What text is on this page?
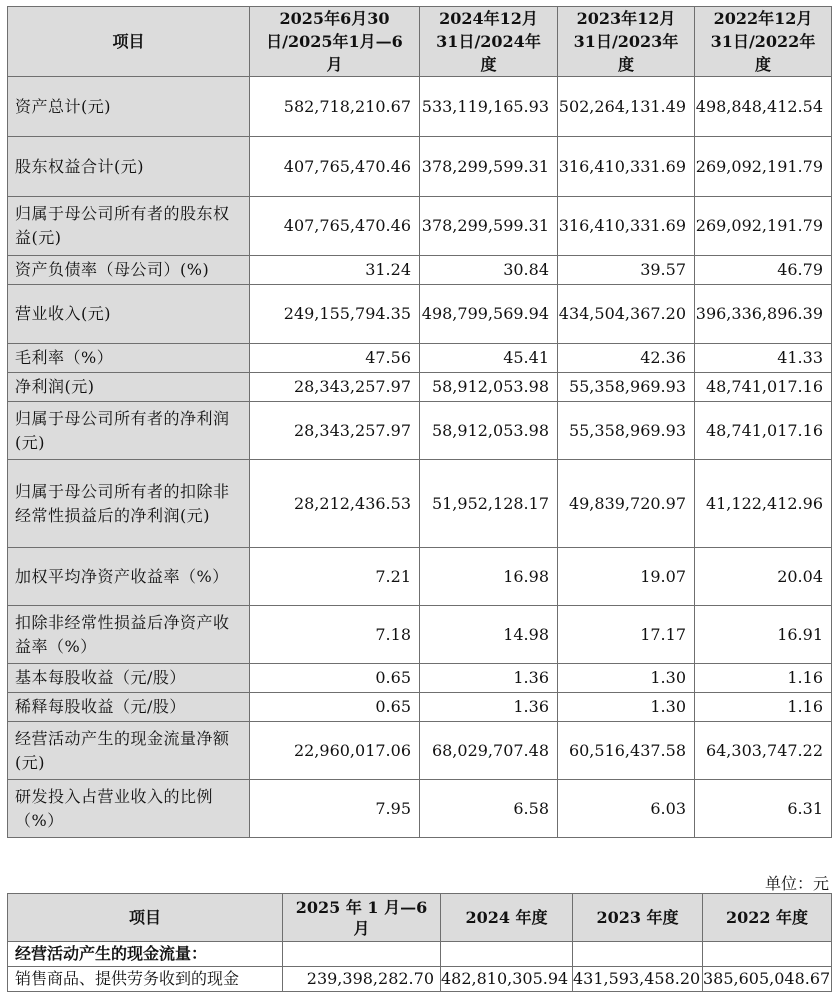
项目	2025年6月30日/2025年1月—6月	2024年12月31日/2024年度	2023年12月31日/2023年度	2022年12月31日/2022年度

资产总计(元)	582,718,210.67	533,119,165.93	502,264,131.49	498,848,412.54
股东权益合计(元)	407,765,470.46	378,299,599.31	316,410,331.69	269,092,191.79
归属于母公司所有者的股东权益(元)	407,765,470.46	378,299,599.31	316,410,331.69	269,092,191.79
资产负债率（母公司）(%)	31.24	30.84	39.57	46.79
营业收入(元)	249,155,794.35	498,799,569.94	434,504,367.20	396,336,896.39
毛利率（%）	47.56	45.41	42.36	41.33
净利润(元)	28,343,257.97	58,912,053.98	55,358,969.93	48,741,017.16
归属于母公司所有者的净利润(元)	28,343,257.97	58,912,053.98	55,358,969.93	48,741,017.16
归属于母公司所有者的扣除非经常性损益后的净利润(元)	28,212,436.53	51,952,128.17	49,839,720.97	41,122,412.96
加权平均净资产收益率（%）	7.21	16.98	19.07	20.04
扣除非经常性损益后净资产收益率（%）	7.18	14.98	17.17	16.91
基本每股收益（元/股）	0.65	1.36	1.30	1.16
稀释每股收益（元/股）	0.65	1.36	1.30	1.16
经营活动产生的现金流量净额(元)	22,960,017.06	68,029,707.48	60,516,437.58	64,303,747.22
研发投入占营业收入的比例（%）	7.95	6.58	6.03	6.31
单位：元
项目	2025 年 1 月—6 月	2024 年度	2023 年度	2022 年度
经营活动产生的现金流量：				
销售商品、提供劳务收到的现金	239,398,282.70	482,810,305.94	431,593,458.20	385,605,048.67
